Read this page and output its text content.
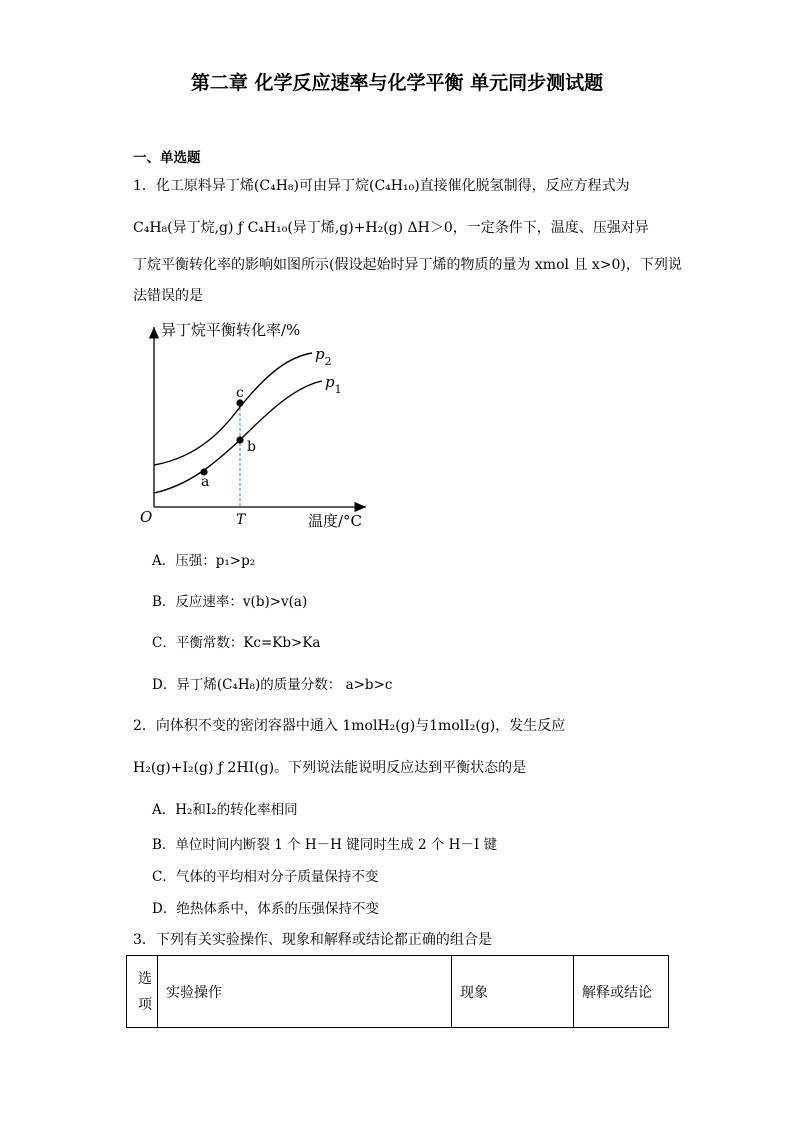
第二章 化学反应速率与化学平衡 单元同步测试题
一、单选题
1．化工原料异丁烯(C₄H₈)可由异丁烷(C₄H₁₀)直接催化脱氢制得，反应方程式为
C₄H₈(异丁烷,g) ƒ C₄H₁₀(异丁烯,g)+H₂(g) ΔH＞0，一定条件下，温度、压强对异
丁烷平衡转化率的影响如图所示(假设起始时异丁烯的物质的量为 xmol 且 x>0)，下列说
法错误的是
异丁烷平衡转化率/%
温度/°C
O	T
a
b
c
$p_2$
$p_1$
A．压强：p₁>p₂
B．反应速率：v(b)>v(a)
C．平衡常数：Kc=Kb>Ka
D．异丁烯(C₄H₈)的质量分数： a>b>c
2．向体积不变的密闭容器中通入 1molH₂(g)与1molI₂(g)，发生反应
H₂(g)+I₂(g) ƒ 2HI(g)。下列说法能说明反应达到平衡状态的是
A．H₂和I₂的转化率相同
B．单位时间内断裂 1 个 H－H 键同时生成 2 个 H－I 键
C．气体的平均相对分子质量保持不变
D．绝热体系中，体系的压强保持不变
3．下列有关实验操作、现象和解释或结论都正确的组合是
选
项
实验操作	现象	解释或结论
